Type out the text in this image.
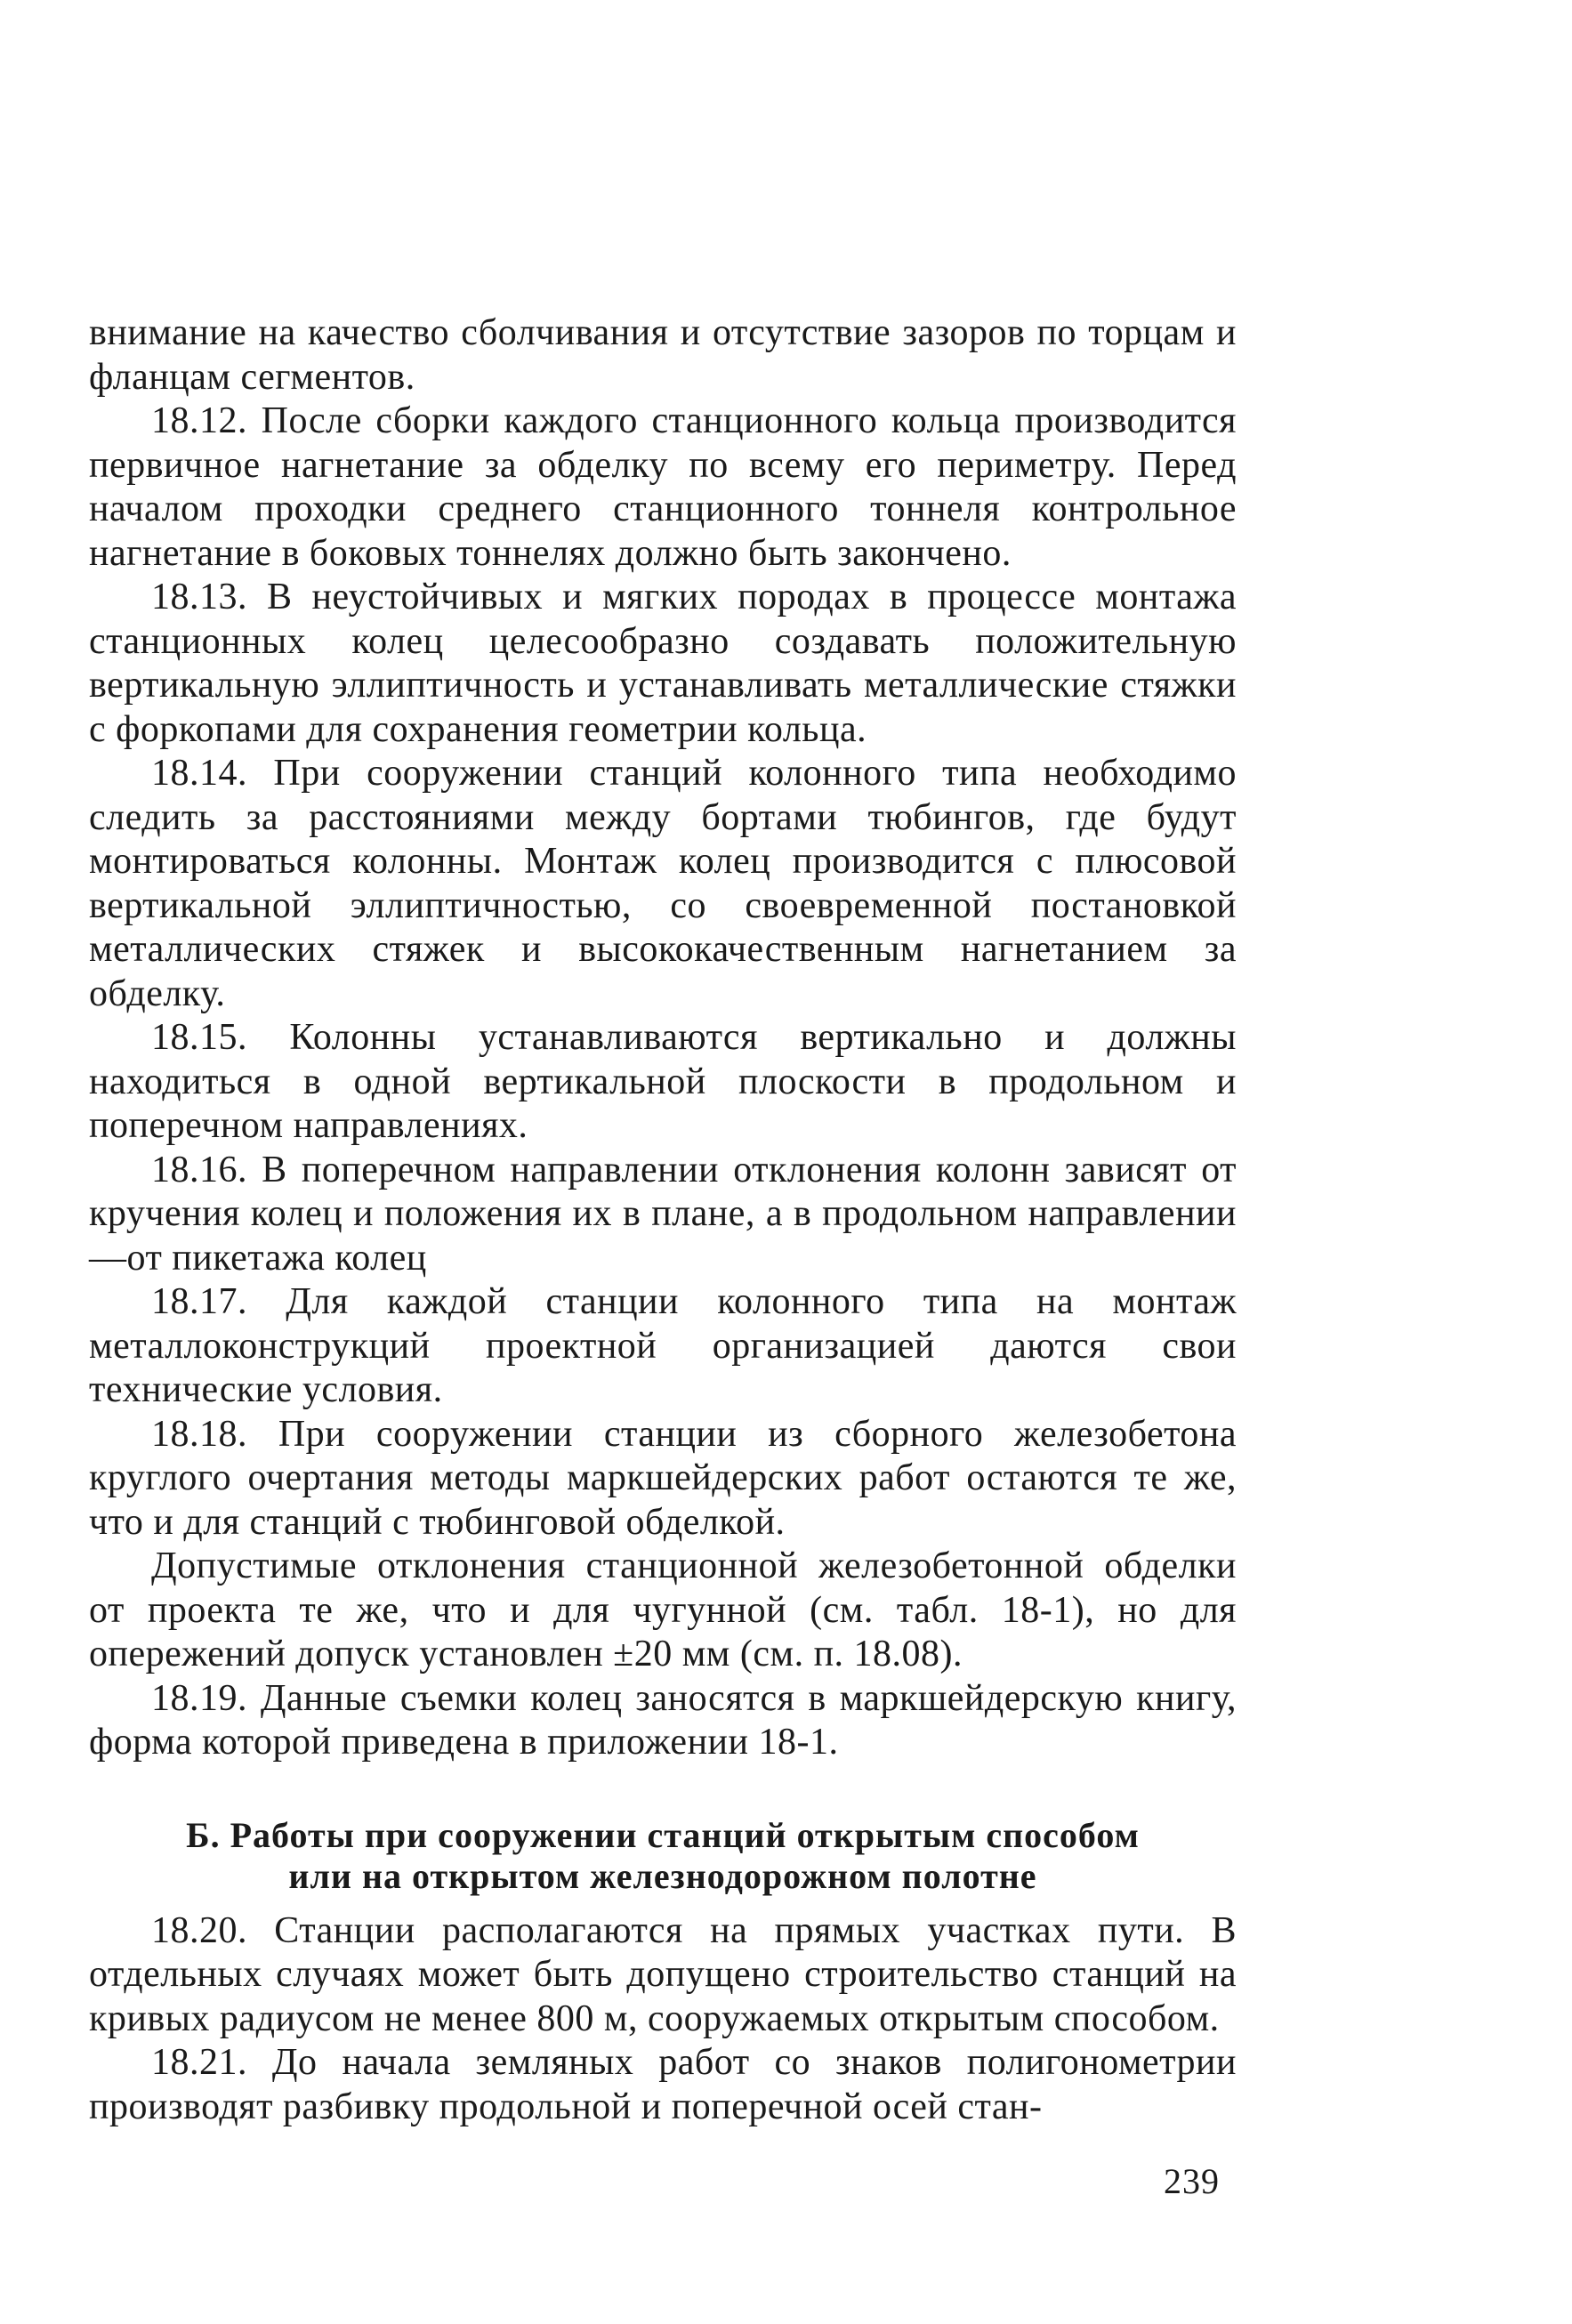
внимание на качество сболчивания и отсутствие зазоров по торцам и фланцам сегментов.

18.12. После сборки каждого станционного кольца производится первичное нагнетание за обделку по всему его периметру. Перед началом проходки среднего станционного тоннеля контрольное нагнетание в боковых тоннелях должно быть закончено.

18.13. В неустойчивых и мягких породах в процессе монтажа станционных колец целесообразно создавать положительную вертикальную эллиптичность и устанавливать металлические стяжки с форкопами для сохранения геометрии кольца.

18.14. При сооружении станций колонного типа необходимо следить за расстояниями между бортами тюбингов, где будут монтироваться колонны. Монтаж колец производится с плюсовой вертикальной эллиптичностью, со своевременной постановкой металлических стяжек и высококачественным нагнетанием за обделку.

18.15. Колонны устанавливаются вертикально и должны находиться в одной вертикальной плоскости в продольном и поперечном направлениях.

18.16. В поперечном направлении отклонения колонн зависят от кручения колец и положения их в плане, а в продольном направлении—от пикетажа колец

18.17. Для каждой станции колонного типа на монтаж металлоконструкций проектной организацией даются свои технические условия.

18.18. При сооружении станции из сборного железобетона круглого очертания методы маркшейдерских работ остаются те же, что и для станций с тюбинговой обделкой.

Допустимые отклонения станционной железобетонной обделки от проекта те же, что и для чугунной (см. табл. 18-1), но для опережений допуск установлен ±20 мм (см. п. 18.08).

18.19. Данные съемки колец заносятся в маркшейдерскую книгу, форма которой приведена в приложении 18-1.

Б. Работы при сооружении станций открытым способом
или на открытом железнодорожном полотне

18.20. Станции располагаются на прямых участках пути. В отдельных случаях может быть допущено строительство станций на кривых радиусом не менее 800 м, сооружаемых открытым способом.

18.21. До начала земляных работ со знаков полигонометрии производят разбивку продольной и поперечной осей стан-

239
